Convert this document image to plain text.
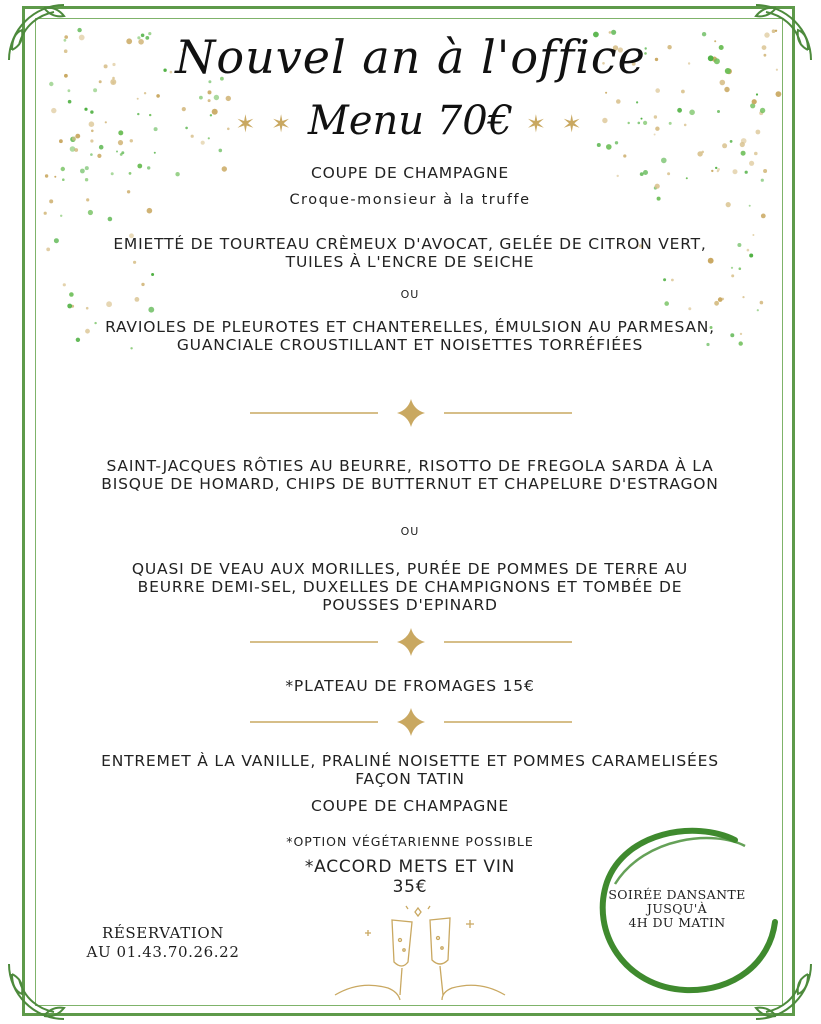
Nouvel an à l'office
✶ ✶ Menu 70€ ✶ ✶
COUPE DE CHAMPAGNE
Croque-monsieur à la truffe
EMIETTÉ DE TOURTEAU CRÈMEUX D'AVOCAT, GELÉE DE CITRON VERT, TUILES À L'ENCRE DE SEICHE
OU
RAVIOLES DE PLEUROTES ET CHANTERELLES, ÉMULSION AU PARMESAN, GUANCIALE CROUSTILLANT ET NOISETTES TORRÉFIÉES
SAINT-JACQUES RÔTIES AU BEURRE, RISOTTO DE FREGOLA SARDA À LA BISQUE DE HOMARD, CHIPS DE BUTTERNUT ET CHAPELURE D'ESTRAGON
OU
QUASI DE VEAU AUX MORILLES, PURÉE DE POMMES DE TERRE AU BEURRE DEMI-SEL, DUXELLES DE CHAMPIGNONS ET TOMBÉE DE POUSSES D'EPINARD
*PLATEAU DE FROMAGES 15€
ENTREMET À LA VANILLE, PRALINÉ NOISETTE ET POMMES CARAMELISÉES FAÇON TATIN
COUPE DE CHAMPAGNE
*OPTION VÉGÉTARIENNE POSSIBLE
*ACCORD METS ET VIN
35€	SOIRÉE DANSANTE
JUSQU'À
4H DU MATIN
RÉSERVATION
AU 01.43.70.26.22
